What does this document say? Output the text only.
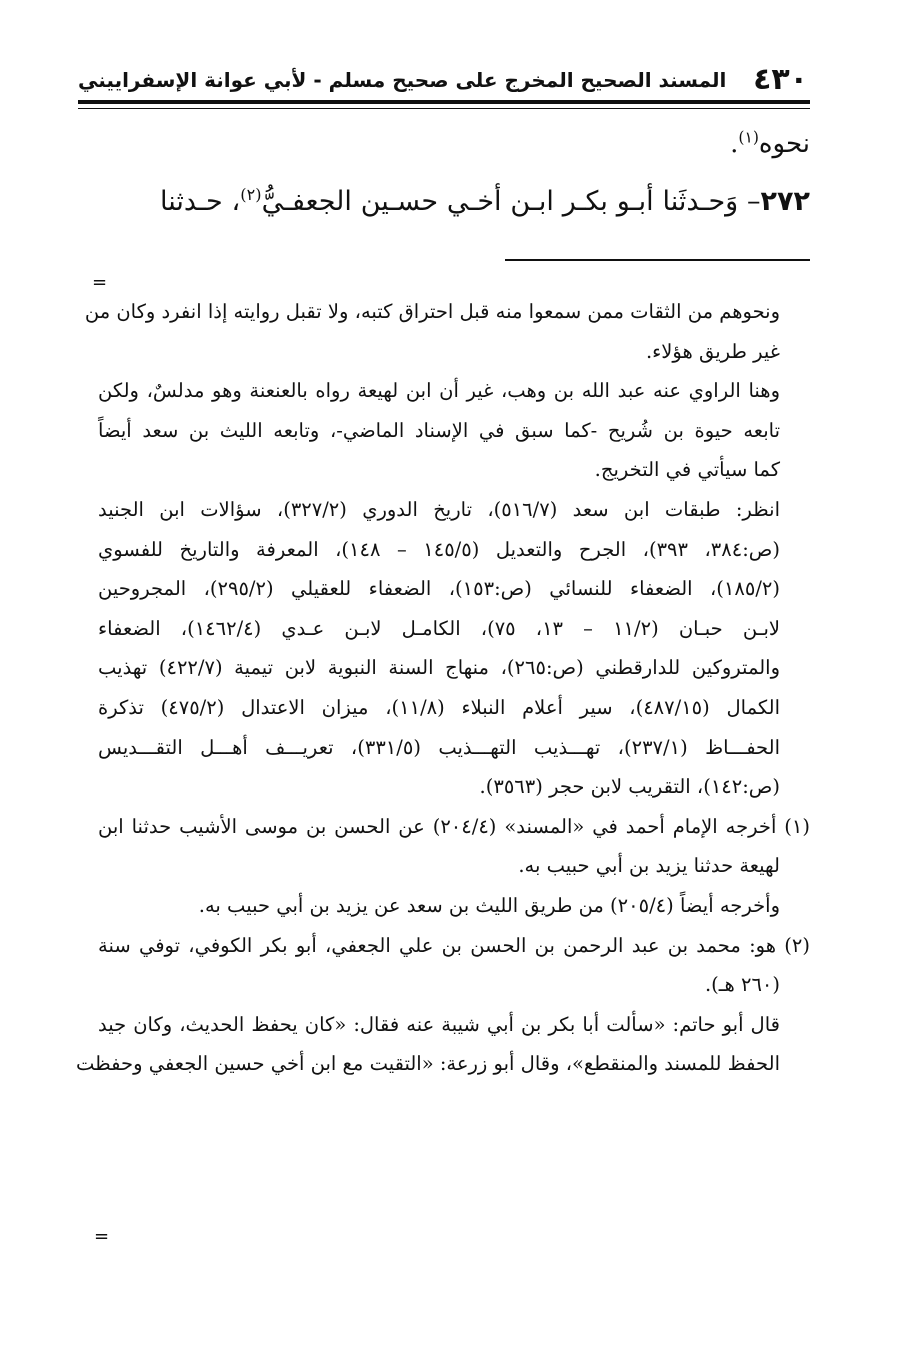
٤٣٠
المسند الصحيح المخرج على صحيح مسلم - لأبي عوانة الإسفراييني
نحوه$^{(١)}$.
٢٧٢– وَحـدثَنا أبـو بكـر ابـن أخـي حسـين الجعفـيُّ$^{(٢)}$، حـدثنا
=
ونحوهم من الثقات ممن سمعوا منه قبل احتراق كتبه، ولا تقبل روايته إذا انفرد وكان من
غير طريق هؤلاء.
وهنا الراوي عنه عبد الله بن وهب، غير أن ابن لهيعة رواه بالعنعنة وهو مدلسٌ، ولكن
تابعه حيوة بن شُريح -كما سبق في الإسناد الماضي-، وتابعه الليث بن سعد أيضاً
كما سيأتي في التخريج.
انظر: طبقات ابن سعد (٥١٦/٧)، تاريخ الدوري (٣٢٧/٢)، سؤالات ابن الجنيد
(ص:٣٨٤، ٣٩٣)، الجرح والتعديل (١٤٥/٥ – ١٤٨)، المعرفة والتاريخ للفسوي
(١٨٥/٢)، الضعفاء للنسائي (ص:١٥٣)، الضعفاء للعقيلي (٢٩٥/٢)، المجروحين
لابـن حبـان (١١/٢ – ١٣، ٧٥)، الكامـل لابـن عـدي (١٤٦٢/٤)، الضعفاء
والمتروكين للدارقطني (ص:٢٦٥)، منهاج السنة النبوية لابن تيمية (٤٢٢/٧) تهذيب
الكمال (٤٨٧/١٥)، سير أعلام النبلاء (١١/٨)، ميزان الاعتدال (٤٧٥/٢) تذكرة
الحفـــاظ (٢٣٧/١)، تهـــذيب التهـــذيب (٣٣١/٥)، تعريـــف أهـــل التقـــديس
(ص:١٤٢)، التقريب لابن حجر (٣٥٦٣).
(١) أخرجه الإمام أحمد في «المسند» (٢٠٤/٤) عن الحسن بن موسى الأشيب حدثنا ابن
لهيعة حدثنا يزيد بن أبي حبيب به.
وأخرجه أيضاً (٢٠٥/٤) من طريق الليث بن سعد عن يزيد بن أبي حبيب به.
(٢) هو: محمد بن عبد الرحمن بن الحسن بن علي الجعفي، أبو بكر الكوفي، توفي سنة
(٢٦٠ هـ).
قال أبو حاتم: «سألت أبا بكر بن أبي شيبة عنه فقال: «كان يحفظ الحديث، وكان جيد
الحفظ للمسند والمنقطع»، وقال أبو زرعة: «التقيت مع ابن أخي حسين الجعفي وحفظت
=
